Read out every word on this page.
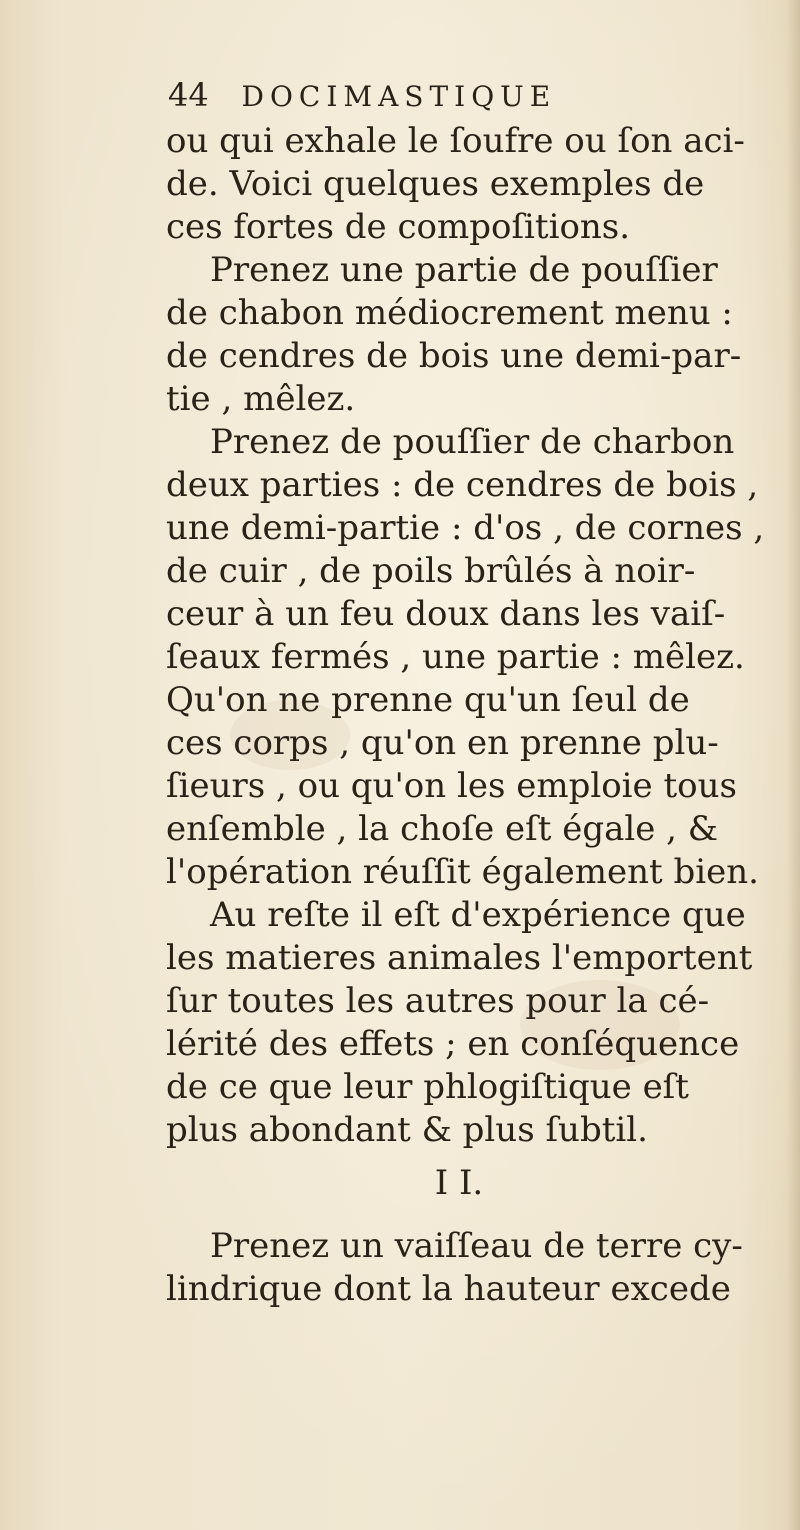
44 DOCIMASTIQUE
ou qui exhale le ſoufre ou ſon aci-
de. Voici quelques exemples de
ces fortes de compoſitions.
Prenez une partie de pouſſier
de chabon médiocrement menu :
de cendres de bois une demi-par-
tie , mêlez.
Prenez de pouſſier de charbon
deux parties : de cendres de bois ,
une demi-partie : d'os , de cornes ,
de cuir , de poils brûlés à noir-
ceur à un feu doux dans les vaiſ-
ſeaux fermés , une partie : mêlez.
Qu'on ne prenne qu'un ſeul de
ces corps , qu'on en prenne plu-
ſieurs , ou qu'on les emploie tous
enſemble , la choſe eſt égale , &
l'opération réuſſit également bien.
Au reſte il eſt d'expérience que
les matieres animales l'emportent
ſur toutes les autres pour la cé-
lérité des effets ; en conſéquence
de ce que leur phlogiſtique eſt
plus abondant & plus ſubtil.
I I.
Prenez un vaiſſeau de terre cy-
lindrique dont la hauteur excede
